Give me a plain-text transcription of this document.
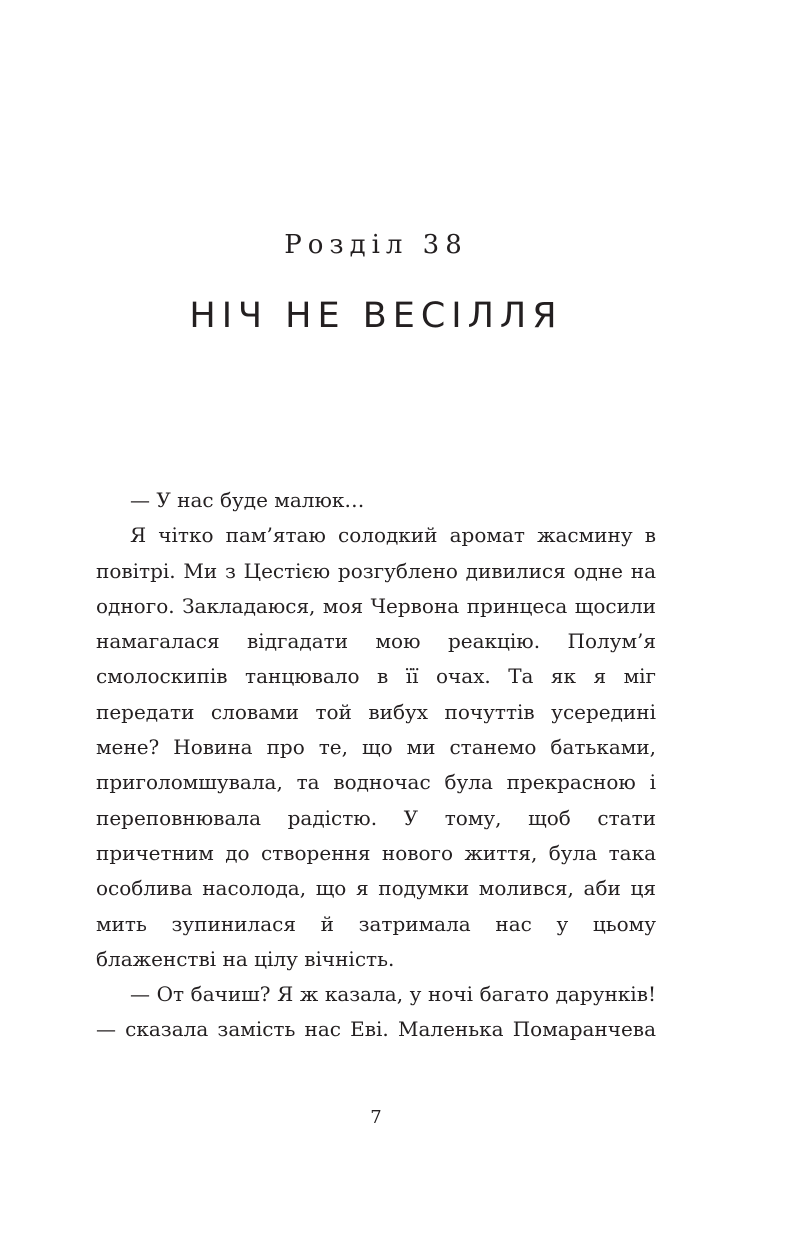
Розділ 38
НІЧ НЕ ВЕСІЛЛЯ

— У нас буде малюк…

Я чітко пам’ятаю солодкий аромат жасмину в повітрі. Ми з Цестією розгублено дивилися одне на одного. Закладаюся, моя Червона принцеса щосили намагалася відгадати мою реакцію. Полум’я смолоскипів танцювало в її очах. Та як я міг передати словами той вибух почуттів усередині мене? Новина про те, що ми станемо батьками, приголомшувала, та водночас була прекрасною і переповнювала радістю. У тому, щоб стати причетним до створення нового життя, була така особлива насолода, що я подумки молився, аби ця мить зупинилася й затримала нас у цьому блаженстві на цілу вічність.

— От бачиш? Я ж казала, у ночі багато дарунків! — сказала замість нас Еві. Маленька Помаранчева

7
